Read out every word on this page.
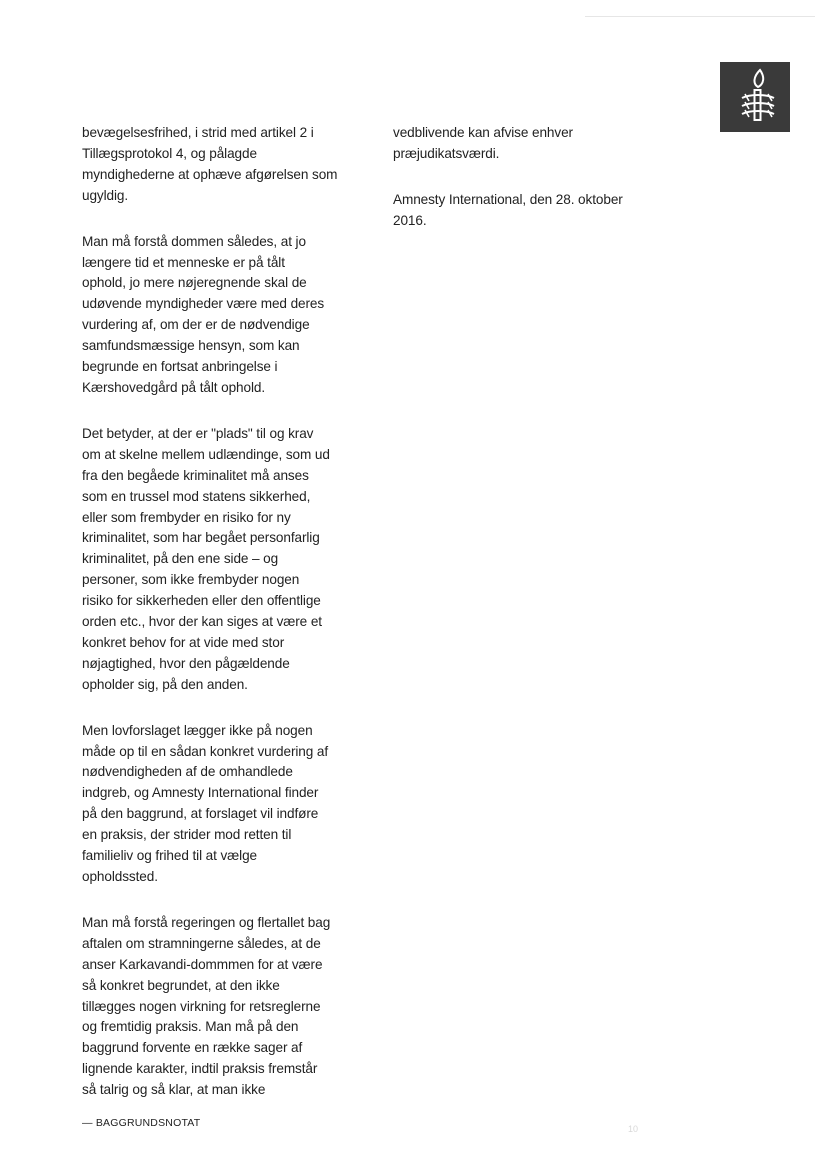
bevægelsesfrihed, i strid med artikel 2 i
Tillægsprotokol 4, og pålagde
myndighederne at ophæve afgørelsen som
ugyldig.

Man må forstå dommen således, at jo
længere tid et menneske er på tålt
ophold, jo mere nøjeregnende skal de
udøvende myndigheder være med deres
vurdering af, om der er de nødvendige
samfundsmæssige hensyn, som kan
begrunde en fortsat anbringelse i
Kærshovedgård på tålt ophold.

Det betyder, at der er "plads" til og krav
om at skelne mellem udlændinge, som ud
fra den begåede kriminalitet må anses
som en trussel mod statens sikkerhed,
eller som frembyder en risiko for ny
kriminalitet, som har begået personfarlig
kriminalitet, på den ene side – og
personer, som ikke frembyder nogen
risiko for sikkerheden eller den offentlige
orden etc., hvor der kan siges at være et
konkret behov for at vide med stor
nøjagtighed, hvor den pågældende
opholder sig, på den anden.

Men lovforslaget lægger ikke på nogen
måde op til en sådan konkret vurdering af
nødvendigheden af de omhandlede
indgreb, og Amnesty International finder
på den baggrund, at forslaget vil indføre
en praksis, der strider mod retten til
familieliv og frihed til at vælge
opholdssted.

Man må forstå regeringen og flertallet bag
aftalen om stramningerne således, at de
anser Karkavandi-dommmen for at være
så konkret begrundet, at den ikke
tillægges nogen virkning for retsreglerne
og fremtidig praksis. Man må på den
baggrund forvente en række sager af
lignende karakter, indtil praksis fremstår
så talrig og så klar, at man ikke

vedblivende kan afvise enhver
præjudikatsværdi.

Amnesty International, den 28. oktober
2016.

— BAGGRUNDSNOTAT	10
